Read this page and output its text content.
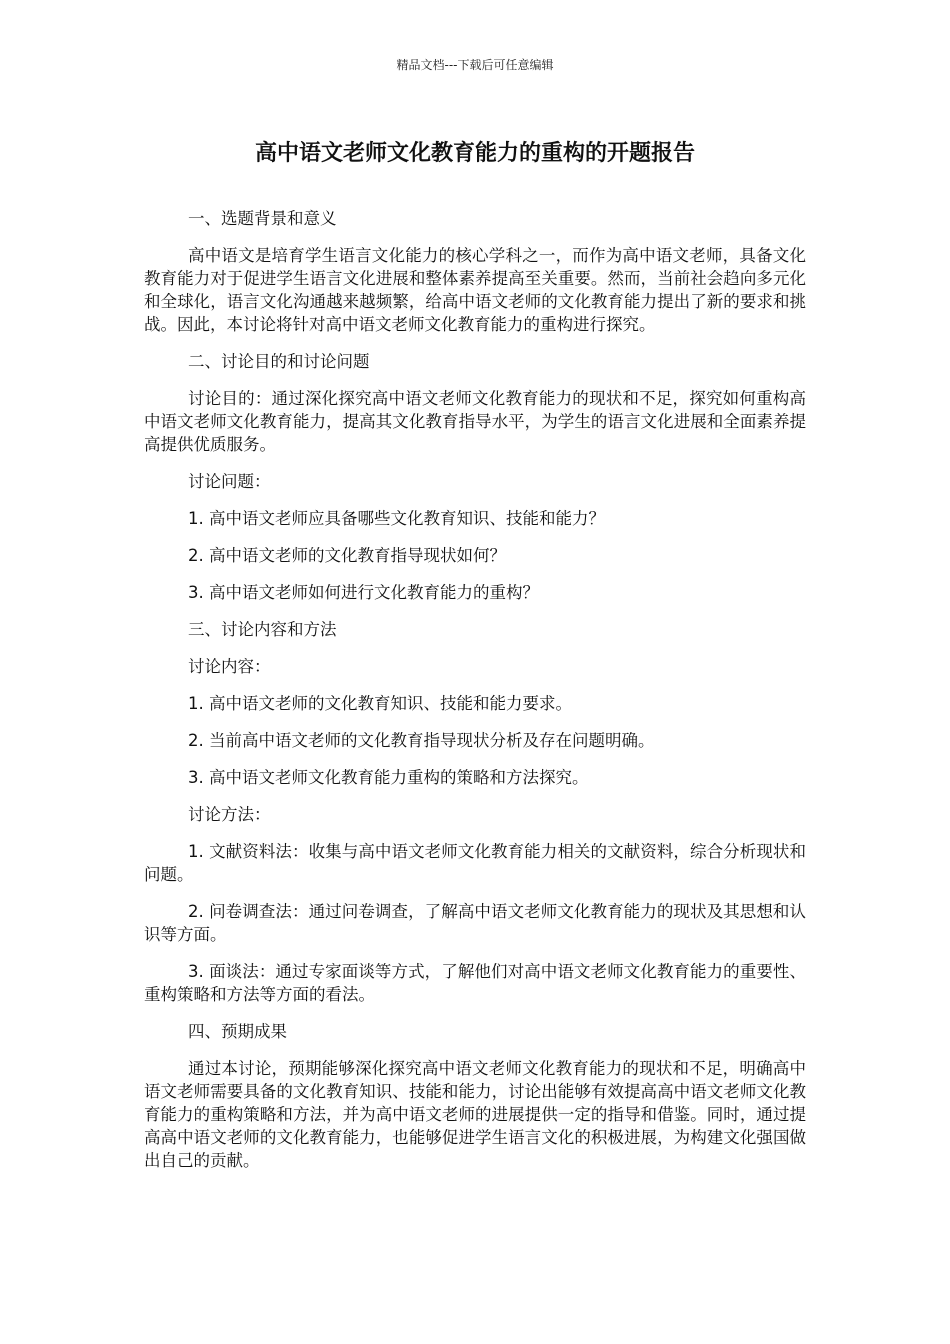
精品文档---下载后可任意编辑
高中语文老师文化教育能力的重构的开题报告

一、选题背景和意义

高中语文是培育学生语言文化能力的核心学科之一，而作为高中语文老师，具备文化教育能力对于促进学生语言文化进展和整体素养提高至关重要。然而，当前社会趋向多元化和全球化，语言文化沟通越来越频繁，给高中语文老师的文化教育能力提出了新的要求和挑战。因此，本讨论将针对高中语文老师文化教育能力的重构进行探究。

二、讨论目的和讨论问题

讨论目的：通过深化探究高中语文老师文化教育能力的现状和不足，探究如何重构高中语文老师文化教育能力，提高其文化教育指导水平，为学生的语言文化进展和全面素养提高提供优质服务。

讨论问题：

1. 高中语文老师应具备哪些文化教育知识、技能和能力？

2. 高中语文老师的文化教育指导现状如何？

3. 高中语文老师如何进行文化教育能力的重构？

三、讨论内容和方法

讨论内容：

1. 高中语文老师的文化教育知识、技能和能力要求。

2. 当前高中语文老师的文化教育指导现状分析及存在问题明确。

3. 高中语文老师文化教育能力重构的策略和方法探究。

讨论方法：

1. 文献资料法：收集与高中语文老师文化教育能力相关的文献资料，综合分析现状和问题。

2. 问卷调查法：通过问卷调查，了解高中语文老师文化教育能力的现状及其思想和认识等方面。

3. 面谈法：通过专家面谈等方式，了解他们对高中语文老师文化教育能力的重要性、重构策略和方法等方面的看法。

四、预期成果

通过本讨论，预期能够深化探究高中语文老师文化教育能力的现状和不足，明确高中语文老师需要具备的文化教育知识、技能和能力，讨论出能够有效提高高中语文老师文化教育能力的重构策略和方法，并为高中语文老师的进展提供一定的指导和借鉴。同时，通过提高高中语文老师的文化教育能力，也能够促进学生语言文化的积极进展，为构建文化强国做出自己的贡献。
